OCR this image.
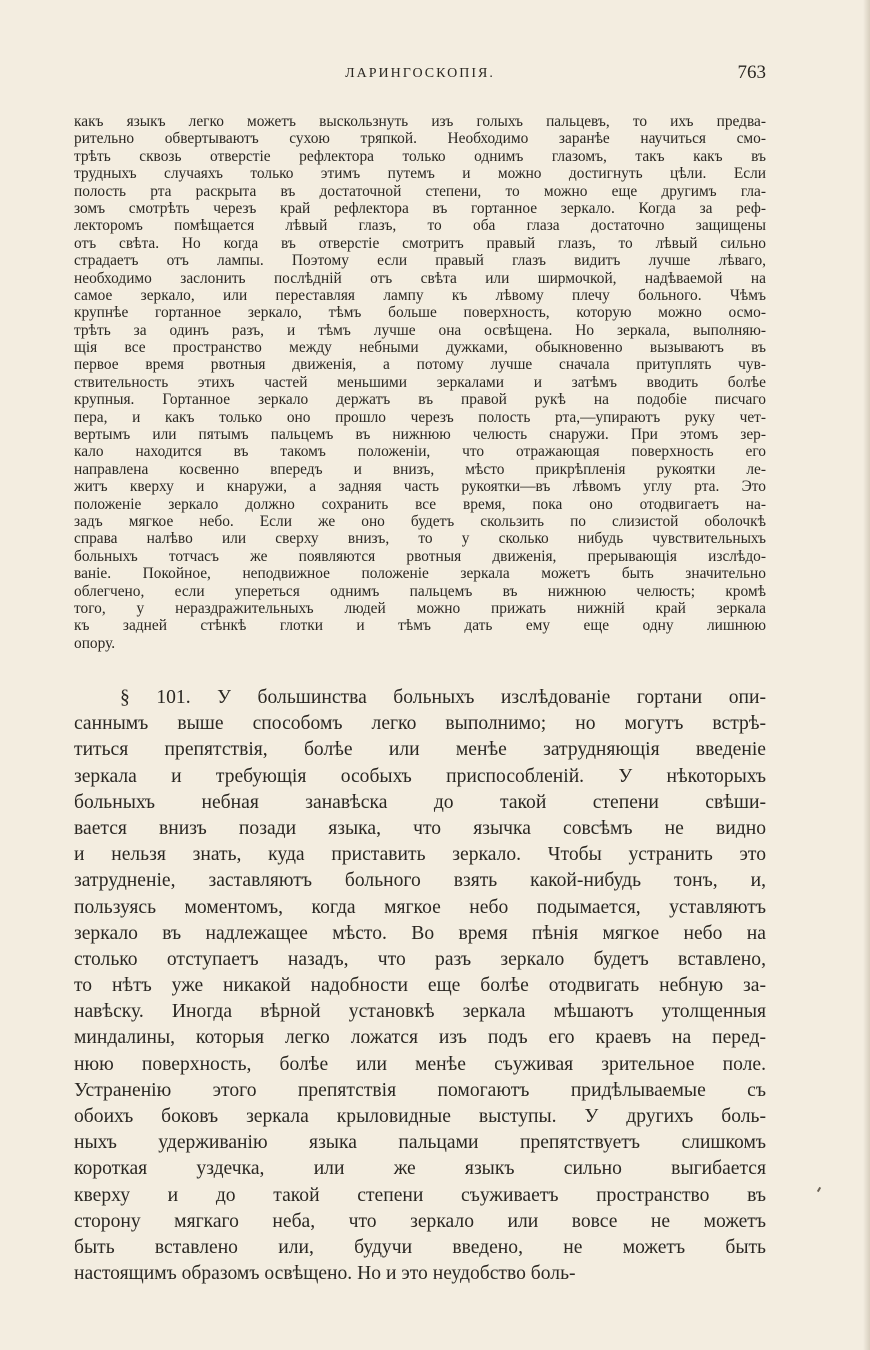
ЛАРИНГОСКОПІЯ.	763
какъ языкъ легко можетъ выскользнуть изъ голыхъ пальцевъ, то ихъ предва-
рительно обвертываютъ сухою тряпкой. Необходимо заранѣе научиться смо-
трѣть сквозь отверстіе рефлектора только однимъ глазомъ, такъ какъ въ
трудныхъ случаяхъ только этимъ путемъ и можно достигнуть цѣли. Если
полость рта раскрыта въ достаточной степени, то можно еще другимъ гла-
зомъ смотрѣть черезъ край рефлектора въ гортанное зеркало. Когда за реф-
лекторомъ помѣщается лѣвый глазъ, то оба глаза достаточно защищены
отъ свѣта. Но когда въ отверстіе смотритъ правый глазъ, то лѣвый сильно
страдаетъ отъ лампы. Поэтому если правый глазъ видитъ лучше лѣваго,
необходимо заслонить послѣдній отъ свѣта или ширмочкой, надѣваемой на
самое зеркало, или переставляя лампу къ лѣвому плечу больного. Чѣмъ
крупнѣе гортанное зеркало, тѣмъ больше поверхность, которую можно осмо-
трѣть за одинъ разъ, и тѣмъ лучше она освѣщена. Но зеркала, выполняю-
щія все пространство между небными дужками, обыкновенно вызываютъ въ
первое время рвотныя движенія, а потому лучше сначала притуплять чув-
ствительность этихъ частей меньшими зеркалами и затѣмъ вводить болѣе
крупныя. Гортанное зеркало держатъ въ правой рукѣ на подобіе писчаго
пера, и какъ только оно прошло черезъ полость рта,—упираютъ руку чет-
вертымъ или пятымъ пальцемъ въ нижнюю челюсть снаружи. При этомъ зер-
кало находится въ такомъ положеніи, что отражающая поверхность его
направлена косвенно впередъ и внизъ, мѣсто прикрѣпленія рукоятки ле-
житъ кверху и кнаружи, а задняя часть рукоятки—въ лѣвомъ углу рта. Это
положеніе зеркало должно сохранить все время, пока оно отодвигаетъ на-
задъ мягкое небо. Если же оно будетъ скользить по слизистой оболочкѣ
справа налѣво или сверху внизъ, то у сколько нибудь чувствительныхъ
больныхъ тотчасъ же появляются рвотныя движенія, прерывающія изслѣдо-
ваніе. Покойное, неподвижное положеніе зеркала можетъ быть значительно
облегчено, если упереться однимъ пальцемъ въ нижнюю челюсть; кромѣ
того, у нераздражительныхъ людей можно прижать нижній край зеркала
къ задней стѣнкѣ глотки и тѣмъ дать ему еще одну лишнюю
опору.
§ 101. У большинства больныхъ изслѣдованіе гортани опи-
саннымъ выше способомъ легко выполнимо; но могутъ встрѣ-
титься препятствія, болѣе или менѣе затрудняющія введеніе
зеркала и требующія особыхъ приспособленій. У нѣкоторыхъ
больныхъ небная занавѣска до такой степени свѣши-
вается внизъ позади языка, что язычка совсѣмъ не видно
и нельзя знать, куда приставить зеркало. Чтобы устранить это
затрудненіе, заставляютъ больного взять какой-нибудь тонъ, и,
пользуясь моментомъ, когда мягкое небо подымается, уставляютъ
зеркало въ надлежащее мѣсто. Во время пѣнія мягкое небо на
столько отступаетъ назадъ, что разъ зеркало будетъ вставлено,
то нѣтъ уже никакой надобности еще болѣе отодвигать небную за-
навѣску. Иногда вѣрной установкѣ зеркала мѣшаютъ утолщенныя
миндалины, которыя легко ложатся изъ подъ его краевъ на перед-
нюю поверхность, болѣе или менѣе съуживая зрительное поле.
Устраненію этого препятствія помогаютъ придѣлываемые съ
обоихъ боковъ зеркала крыловидные выступы. У другихъ боль-
ныхъ удерживанію языка пальцами препятствуетъ слишкомъ
короткая уздечка, или же языкъ сильно выгибается
кверху и до такой степени съуживаетъ пространство въ
сторону мягкаго неба, что зеркало или вовсе не можетъ
быть вставлено или, будучи введено, не можетъ быть
настоящимъ образомъ освѣщено. Но и это неудобство боль-
